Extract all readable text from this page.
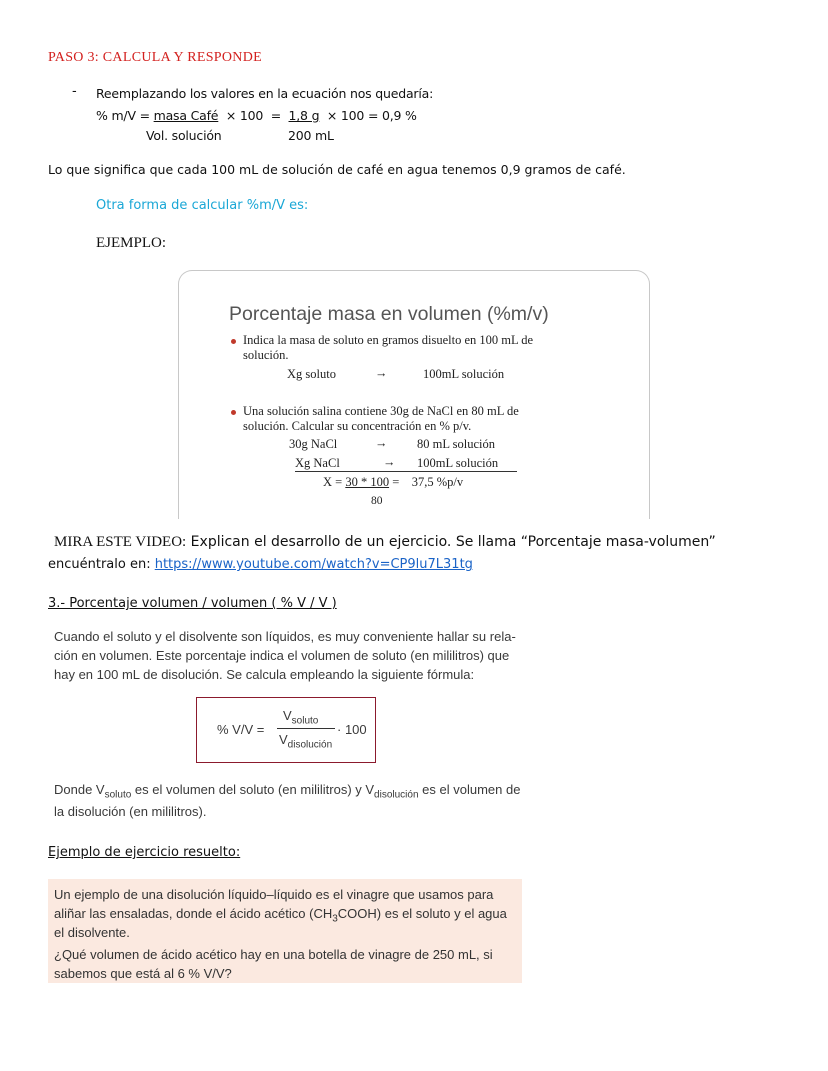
PASO 3: CALCULA Y RESPONDE
- Reemplazando los valores en la ecuación nos quedaría:
% m/V = masa Café  × 100  =  1,8 g  × 100 = 0,9 %
Vol. solución	200 mL
Lo que significa que cada 100 mL de solución de café en agua tenemos 0,9 gramos de café.
Otra forma de calcular %m/V es:
EJEMPLO:
Porcentaje masa en volumen (%m/v)
Indica la masa de soluto en gramos disuelto en 100 mL de
solución.
Xg soluto	→	100mL solución
Una solución salina contiene 30g de NaCl en 80 mL de
solución. Calcular su concentración en % p/v.
30g NaCl	→ 80 mL solución
Xg NaCl	→ 100mL solución
X = 30 * 100 =    37,5 %p/v
80
MIRA ESTE VIDEO: Explican el desarrollo de un ejercicio. Se llama “Porcentaje masa-volumen”
encuéntralo en: https://www.youtube.com/watch?v=CP9lu7L31tg
3.- Porcentaje volumen / volumen ( % V / V )
Cuando el soluto y el disolvente son líquidos, es muy conveniente hallar su rela-
ción en volumen. Este porcentaje indica el volumen de soluto (en mililitros) que
hay en 100 mL de disolución. Se calcula empleando la siguiente fórmula:
% V/V =
$V_{soluto}$
$V_{disolución}$
· 100
Donde $V_{soluto}$ es el volumen del soluto (en mililitros) y $V_{disolución}$ es el volumen de
la disolución (en mililitros).
Ejemplo de ejercicio resuelto:
Un ejemplo de una disolución líquido–líquido es el vinagre que usamos para
aliñar las ensaladas, donde el ácido acético $(CH_3COOH)$ es el soluto y el agua
el disolvente.
¿Qué volumen de ácido acético hay en una botella de vinagre de 250 mL, si
sabemos que está al 6 % V/V?
